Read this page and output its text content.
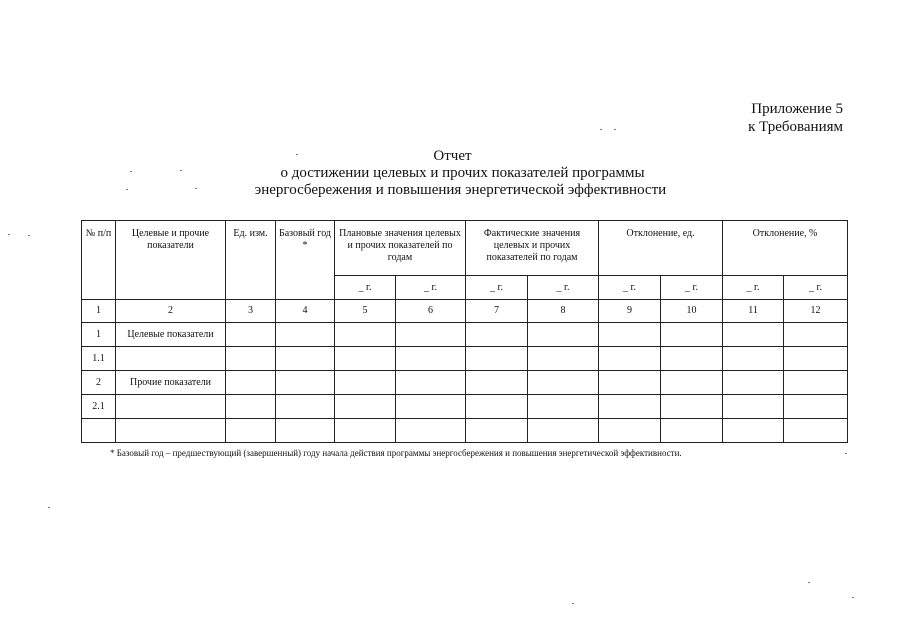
Приложение 5
к Требованиям
Отчет
о достижении целевых и прочих показателей программы
энергосбережения и повышения энергетической эффективности
№ п/п	Целевые и прочие показатели	Ед. изм.	Базовый год *	Плановые значения целевых и прочих показателей по годам		Фактические значения целевых и прочих показателей по годам		Отклонение, ед.		Отклонение, %	
				_ г.	_ г.	_ г.	_ г.	_ г.	_ г.	_ г.	_ г.
1	2	3	4	5	6	7	8	9	10	11	12
1	Целевые показатели										
1.1											
2	Прочие показатели										
2.1											

* Базовый год – предшествующий (завершенный) году начала действия программы энергосбережения и повышения энергетической эффективности.
